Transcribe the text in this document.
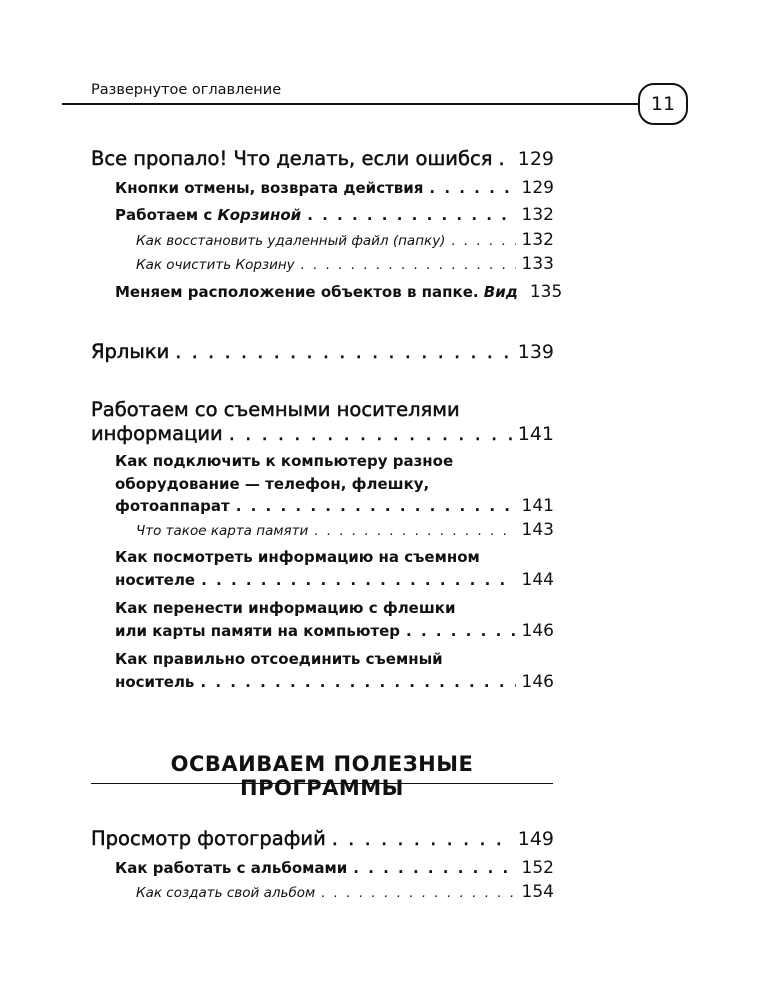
Развернутое оглавление
11
Все пропало! Что делать, если ошибся . . . 129
Кнопки отмены, возврата действия . . .	129
Работаем с Корзиной . . .	132
Как восстановить удаленный файл (папку) . . .	132
Как очистить Корзину . . .	133
Меняем расположение объектов в папке. Вид 135
Ярлыки . . .	139
Работаем со съемными носителями
информации . . .	141
Как подключить к компьютеру разное
оборудование — телефон, флешку,
фотоаппарат . . .	141
Что такое карта памяти . . .	143
Как посмотреть информацию на съемном
носителе . . .	144
Как перенести информацию с флешки
или карты памяти на компьютер . . .	146
Как правильно отсоединить съемный
носитель . . .	146
ОСВАИВАЕМ ПОЛЕЗНЫЕ ПРОГРАММЫ
Просмотр фотографий . . .	149
Как работать с альбомами . . .	152
Как создать свой альбом . . .	154
